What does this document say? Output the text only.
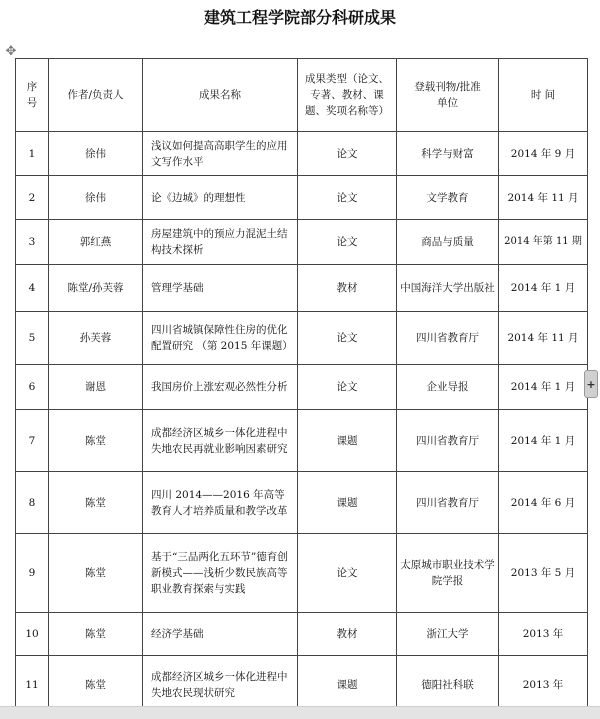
建筑工程学院部分科研成果
✥
序号	作者/负责人	成果名称	成果类型（论文、专著、教材、课题、奖项名称等）	登载刊物/批准单位	时 间
1	徐伟	浅议如何提高高职学生的应用文写作水平	论文	科学与财富	2014 年 9 月
2	徐伟	论《边城》的理想性	论文	文学教育	2014 年 11 月
3	郭红燕	房屋建筑中的预应力混泥土结构技术探析	论文	商品与质量	2014 年第 11 期
4	陈堂/孙芙蓉	管理学基础	教材	中国海洋大学出版社	2014 年 1 月
5	孙芙蓉	四川省城镇保障性住房的优化配置研究 （第 2015 年课题）	论文	四川省教育厅	2014 年 11 月
6	谢恩	我国房价上涨宏观必然性分析	论文	企业导报	2014 年 1 月
7	陈堂	成都经济区城乡一体化进程中失地农民再就业影响因素研究	课题	四川省教育厅	2014 年 1 月
8	陈堂	四川 2014——2016 年高等教育人才培养质量和教学改革	课题	四川省教育厅	2014 年 6 月
9	陈堂	基于“三品两化五环节”德育创新模式——浅析少数民族高等职业教育探索与实践	论文	太原城市职业技术学院学报	2013 年 5 月
10	陈堂	经济学基础	教材	浙江大学	2013 年
11	陈堂	成都经济区城乡一体化进程中失地农民现状研究	课题	德阳社科联	2013 年
+
